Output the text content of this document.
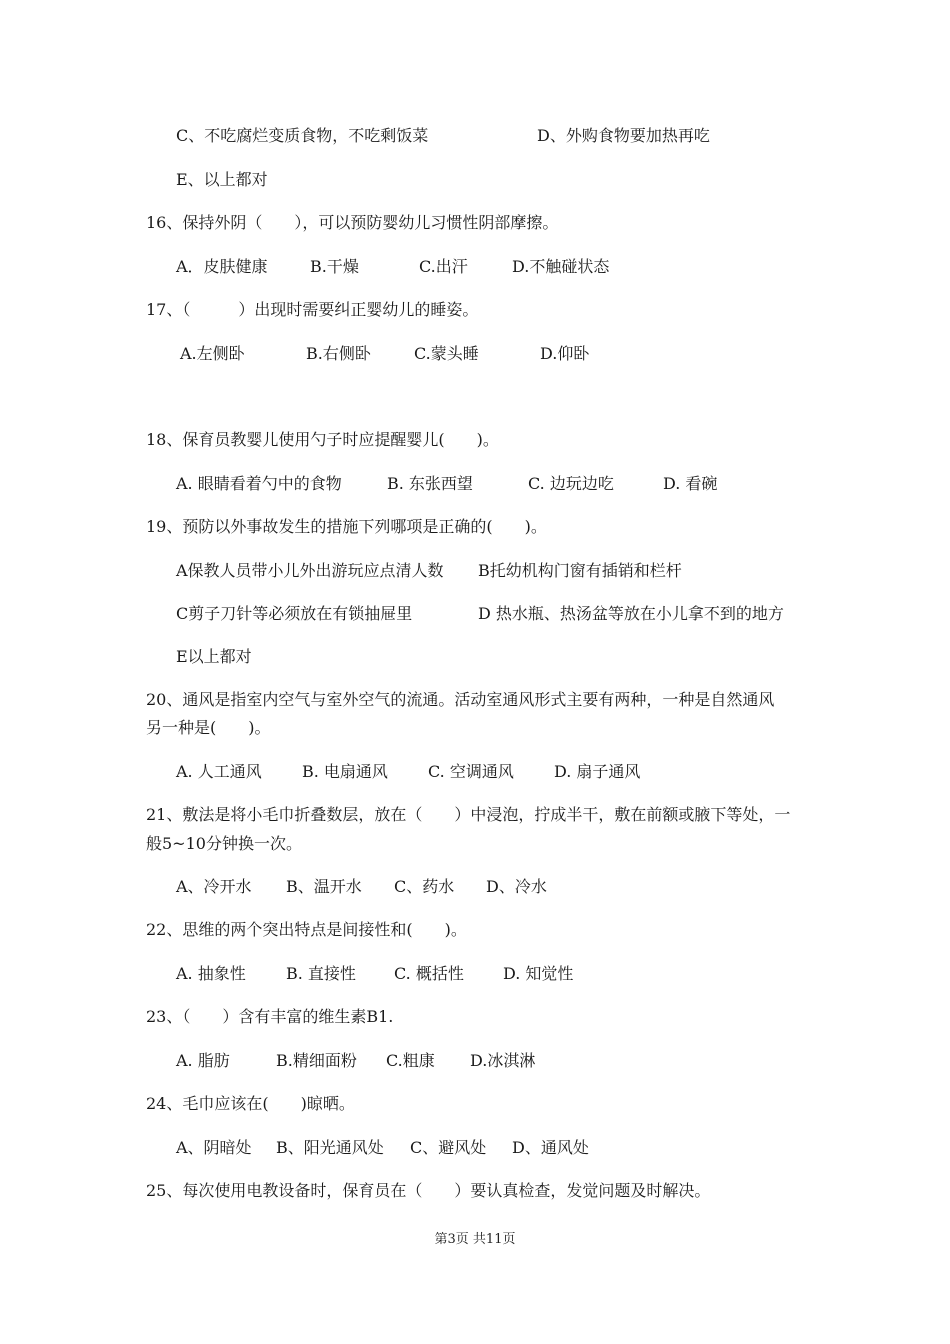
C、不吃腐烂变质食物，不吃剩饭菜	D、外购食物要加热再吃
E、以上都对
16、保持外阴（　　），可以预防婴幼儿习惯性阴部摩擦。
A．皮肤健康	B.干燥	C.出汗	D.不触碰状态
17、（　　　）出现时需要纠正婴幼儿的睡姿。
A.左侧卧	B.右侧卧	C.蒙头睡	D.仰卧
18、保育员教婴儿使用勺子时应提醒婴儿(　　)。
A. 眼睛看着勺中的食物	B. 东张西望	C. 边玩边吃	D. 看碗
19、预防以外事故发生的措施下列哪项是正确的(　　)。
A保教人员带小儿外出游玩应点清人数 B托幼机构门窗有插销和栏杆
C剪子刀针等必须放在有锁抽屉里	D 热水瓶、热汤盆等放在小儿拿不到的地方
E以上都对
20、通风是指室内空气与室外空气的流通。活动室通风形式主要有两种，一种是自然通风
另一种是(　　)。
A. 人工通风	B. 电扇通风	C. 空调通风	D. 扇子通风
21、敷法是将小毛巾折叠数层，放在（　　）中浸泡，拧成半干，敷在前额或腋下等处，一
般5~10分钟换一次。
A、冷开水 B、温开水 C、药水 D、冷水
22、思维的两个突出特点是间接性和(　　)。
A. 抽象性	B. 直接性 C. 概括性 D. 知觉性
23、（　　）含有丰富的维生素B1.
A. 脂肪	B.精细面粉 C.粗康 D.冰淇淋
24、毛巾应该在(　　)晾晒。
A、阴暗处 B、阳光通风处 C、避风处 D、通风处
25、每次使用电教设备时，保育员在（　　）要认真检查，发觉问题及时解决。
第3页 共11页
